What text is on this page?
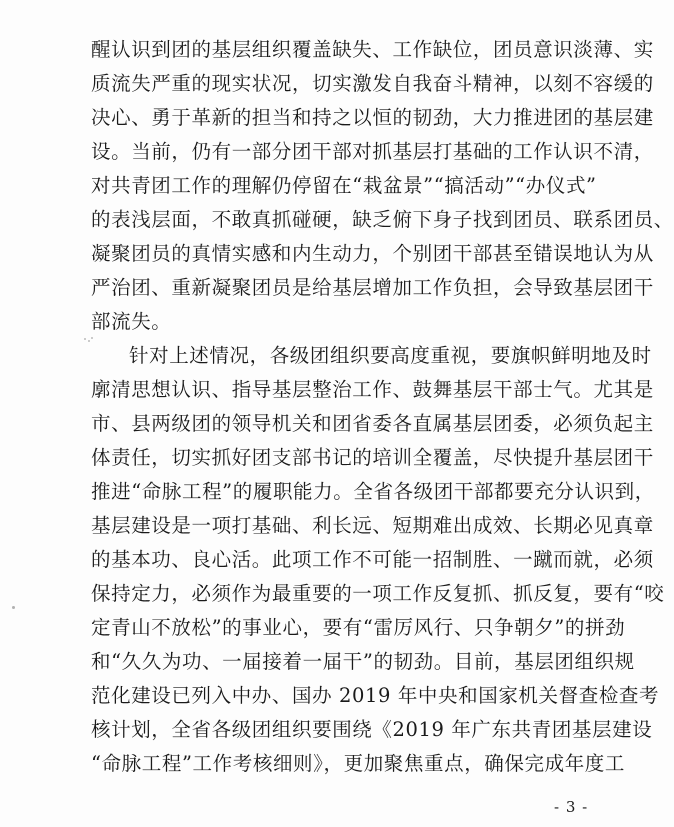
醒认识到团的基层组织覆盖缺失、工作缺位，团员意识淡薄、实
质流失严重的现实状况，切实激发自我奋斗精神，以刻不容缓的
决心、勇于革新的担当和持之以恒的韧劲，大力推进团的基层建
设。当前，仍有一部分团干部对抓基层打基础的工作认识不清，
对共青团工作的理解仍停留在“栽盆景”“搞活动”“办仪式”
的表浅层面，不敢真抓碰硬，缺乏俯下身子找到团员、联系团员、
凝聚团员的真情实感和内生动力，个别团干部甚至错误地认为从
严治团、重新凝聚团员是给基层增加工作负担，会导致基层团干
部流失。
针对上述情况，各级团组织要高度重视，要旗帜鲜明地及时
廓清思想认识、指导基层整治工作、鼓舞基层干部士气。尤其是
市、县两级团的领导机关和团省委各直属基层团委，必须负起主
体责任，切实抓好团支部书记的培训全覆盖，尽快提升基层团干
推进“命脉工程”的履职能力。全省各级团干部都要充分认识到，
基层建设是一项打基础、利长远、短期难出成效、长期必见真章
的基本功、良心活。此项工作不可能一招制胜、一蹴而就，必须
保持定力，必须作为最重要的一项工作反复抓、抓反复，要有“咬
定青山不放松”的事业心，要有“雷厉风行、只争朝夕”的拼劲
和“久久为功、一届接着一届干”的韧劲。目前，基层团组织规
范化建设已列入中办、国办 2019 年中央和国家机关督查检查考
核计划，全省各级团组织要围绕《2019 年广东共青团基层建设
“命脉工程”工作考核细则》，更加聚焦重点，确保完成年度工
- 3 -
